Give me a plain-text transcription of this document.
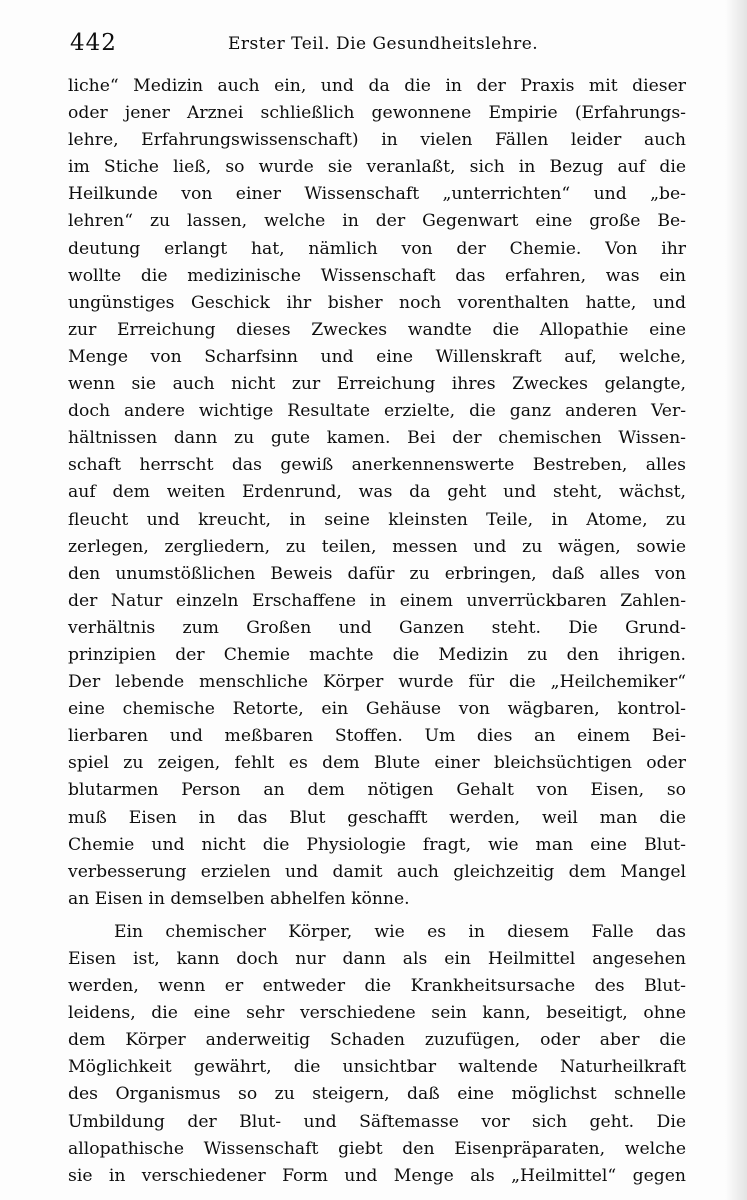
442	Erster Teil. Die Gesundheitslehre.
liche“ Medizin auch ein, und da die in der Praxis mit dieser
oder jener Arznei schließlich gewonnene Empirie (Erfahrungs-
lehre, Erfahrungswissenschaft) in vielen Fällen leider auch
im Stiche ließ, so wurde sie veranlaßt, sich in Bezug auf die
Heilkunde von einer Wissenschaft „unterrichten“ und „be-
lehren“ zu lassen, welche in der Gegenwart eine große Be-
deutung erlangt hat, nämlich von der Chemie. Von ihr
wollte die medizinische Wissenschaft das erfahren, was ein
ungünstiges Geschick ihr bisher noch vorenthalten hatte, und
zur Erreichung dieses Zweckes wandte die Allopathie eine
Menge von Scharfsinn und eine Willenskraft auf, welche,
wenn sie auch nicht zur Erreichung ihres Zweckes gelangte,
doch andere wichtige Resultate erzielte, die ganz anderen Ver-
hältnissen dann zu gute kamen. Bei der chemischen Wissen-
schaft herrscht das gewiß anerkennenswerte Bestreben, alles
auf dem weiten Erdenrund, was da geht und steht, wächst,
fleucht und kreucht, in seine kleinsten Teile, in Atome, zu
zerlegen, zergliedern, zu teilen, messen und zu wägen, sowie
den unumstößlichen Beweis dafür zu erbringen, daß alles von
der Natur einzeln Erschaffene in einem unverrückbaren Zahlen-
verhältnis zum Großen und Ganzen steht. Die Grund-
prinzipien der Chemie machte die Medizin zu den ihrigen.
Der lebende menschliche Körper wurde für die „Heilchemiker“
eine chemische Retorte, ein Gehäuse von wägbaren, kontrol-
lierbaren und meßbaren Stoffen. Um dies an einem Bei-
spiel zu zeigen, fehlt es dem Blute einer bleichsüchtigen oder
blutarmen Person an dem nötigen Gehalt von Eisen, so
muß Eisen in das Blut geschafft werden, weil man die
Chemie und nicht die Physiologie fragt, wie man eine Blut-
verbesserung erzielen und damit auch gleichzeitig dem Mangel
an Eisen in demselben abhelfen könne.
Ein chemischer Körper, wie es in diesem Falle das
Eisen ist, kann doch nur dann als ein Heilmittel angesehen
werden, wenn er entweder die Krankheitsursache des Blut-
leidens, die eine sehr verschiedene sein kann, beseitigt, ohne
dem Körper anderweitig Schaden zuzufügen, oder aber die
Möglichkeit gewährt, die unsichtbar waltende Naturheilkraft
des Organismus so zu steigern, daß eine möglichst schnelle
Umbildung der Blut- und Säftemasse vor sich geht. Die
allopathische Wissenschaft giebt den Eisenpräparaten, welche
sie in verschiedener Form und Menge als „Heilmittel“ gegen
